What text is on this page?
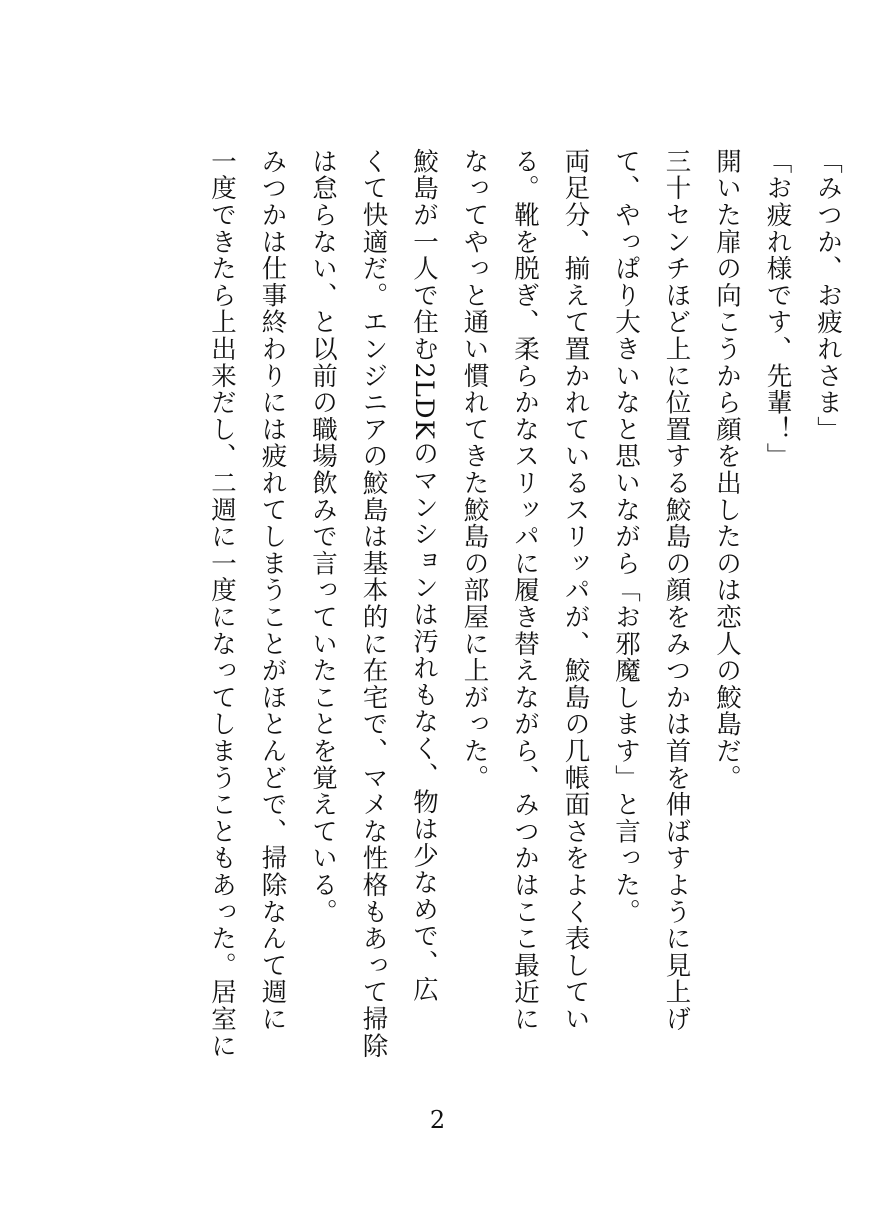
「みつか、お疲れさま」
「お疲れ様です、先輩！」
開いた扉の向こうから顔を出したのは恋人の鮫島だ。
三十センチほど上に位置する鮫島の顔をみつかは首を伸ばすように見上げ
て、やっぱり大きいなと思いながら「お邪魔します」と言った。
両足分、揃えて置かれているスリッパが、鮫島の几帳面さをよく表してい
る。靴を脱ぎ、柔らかなスリッパに履き替えながら、みつかはここ最近に
なってやっと通い慣れてきた鮫島の部屋に上がった。
鮫島が一人で住む2LDKのマンションは汚れもなく、物は少なめで、広
くて快適だ。エンジニアの鮫島は基本的に在宅で、マメな性格もあって掃除
は怠らない、と以前の職場飲みで言っていたことを覚えている。
みつかは仕事終わりには疲れてしまうことがほとんどで、掃除なんて週に
一度できたら上出来だし、二週に一度になってしまうこともあった。居室に
2
